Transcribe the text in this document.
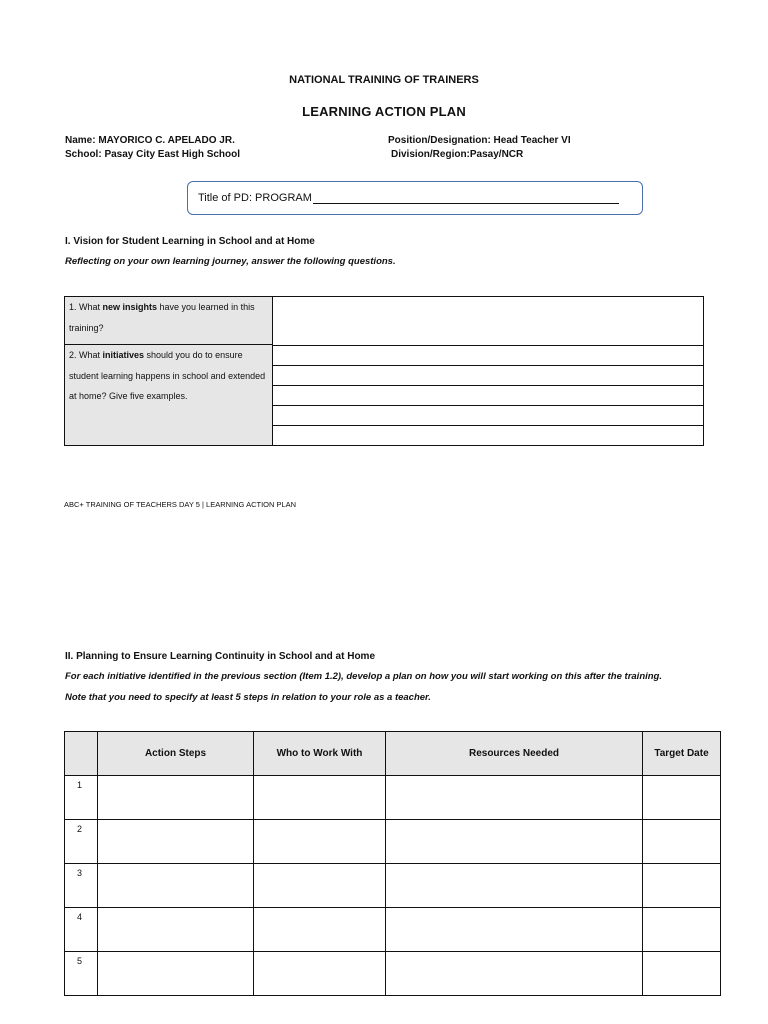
NATIONAL TRAINING OF TRAINERS
LEARNING ACTION PLAN
Name: MAYORICO C. APELADO JR.
School: Pasay City East High School
Position/Designation: Head Teacher VI
Division/Region:Pasay/NCR
Title of PD: PROGRAM
I. Vision for Student Learning in School and at Home
Reflecting on your own learning journey, answer the following questions.
1. What new insights have you learned in this training?
2. What initiatives should you do to ensure student learning happens in school and extended at home? Give five examples.
ABC+ TRAINING OF TEACHERS DAY 5 | LEARNING ACTION PLAN
II. Planning to Ensure Learning Continuity in School and at Home
For each initiative identified in the previous section (Item 1.2), develop a plan on how you will start working on this after the training.
Note that you need to specify at least 5 steps in relation to your role as a teacher.
	Action Steps	Who to Work With	Resources Needed	Target Date
1				
2				
3				
4				
5				
